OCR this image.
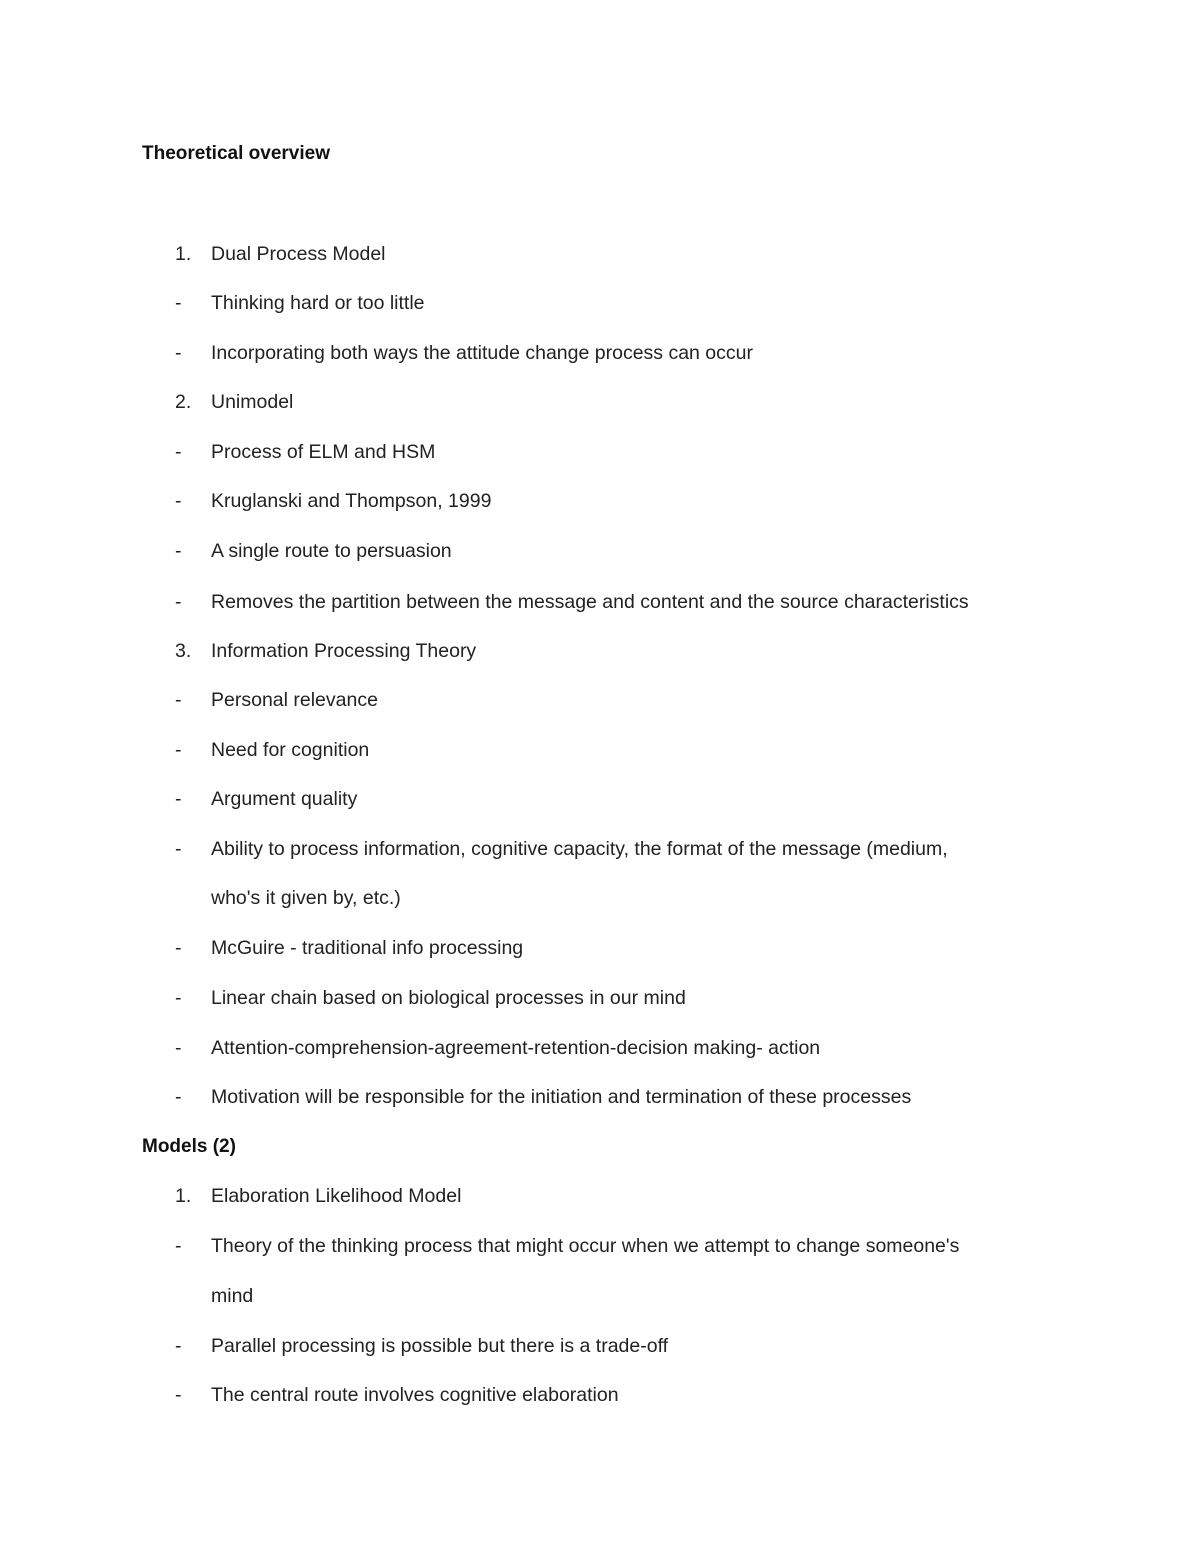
Theoretical overview
1. Dual Process Model
- Thinking hard or too little
- Incorporating both ways the attitude change process can occur
2. Unimodel
- Process of ELM and HSM
- Kruglanski and Thompson, 1999
- A single route to persuasion
- Removes the partition between the message and content and the source characteristics
3. Information Processing Theory
- Personal relevance
- Need for cognition
- Argument quality
- Ability to process information, cognitive capacity, the format of the message (medium,
who's it given by, etc.)
- McGuire - traditional info processing
- Linear chain based on biological processes in our mind
- Attention-comprehension-agreement-retention-decision making- action
- Motivation will be responsible for the initiation and termination of these processes
Models (2)
1. Elaboration Likelihood Model
- Theory of the thinking process that might occur when we attempt to change someone's
mind
- Parallel processing is possible but there is a trade-off
- The central route involves cognitive elaboration
